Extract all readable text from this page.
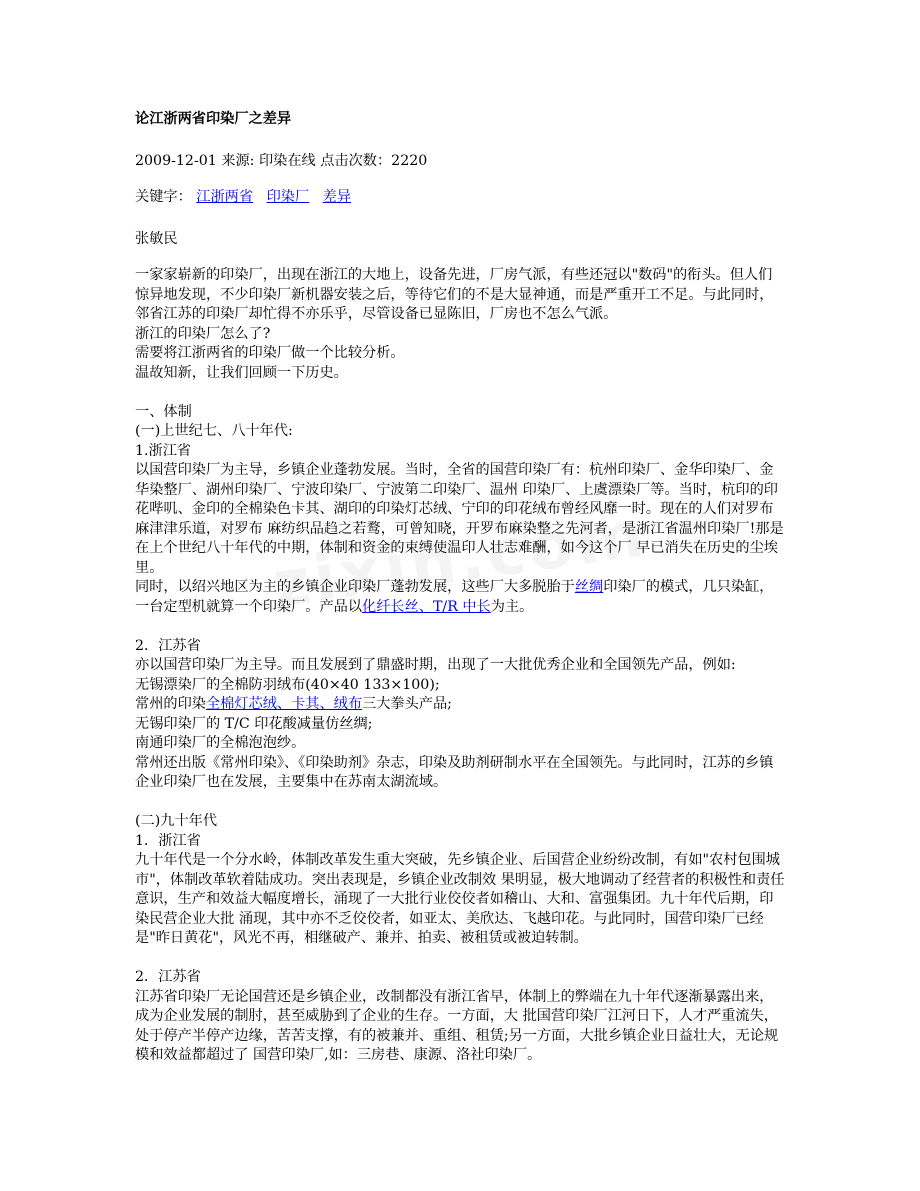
论江浙两省印染厂之差异
2009-12-01 来源: 印染在线 点击次数：2220
关键字： 江浙两省 印染厂 差异
张敏民

一家家崭新的印染厂，出现在浙江的大地上，设备先进，厂房气派，有些还冠以"数码"的衔头。但人们惊异地发现，不少印染厂新机器安装之后，等待它们的不是大显神通，而是严重开工不足。与此同时，邻省江苏的印染厂却忙得不亦乐乎，尽管设备已显陈旧，厂房也不怎么气派。

浙江的印染厂怎么了?

需要将江浙两省的印染厂做一个比较分析。

温故知新，让我们回顾一下历史。

一、体制

(一)上世纪七、八十年代:

1.浙江省

以国营印染厂为主导，乡镇企业蓬勃发展。当时，全省的国营印染厂有：杭州印染厂、金华印染厂、金华染整厂、湖州印染厂、宁波印染厂、宁波第二印染厂、温州 印染厂、上虞漂染厂等。当时，杭印的印花哔叽、金印的全棉染色卡其、湖印的印染灯芯绒、宁印的印花绒布曾经风靡一时。现在的人们对罗布麻津津乐道，对罗布 麻纺织品趋之若鹜，可曾知晓，开罗布麻染整之先河者，是浙江省温州印染厂!那是在上个世纪八十年代的中期，体制和资金的束缚使温印人壮志难酬，如今这个厂 早已消失在历史的尘埃里。

同时，以绍兴地区为主的乡镇企业印染厂蓬勃发展，这些厂大多脱胎于丝绸印染厂的模式，几只染缸，一台定型机就算一个印染厂。产品以化纤长丝、T/R 中长为主。

2．江苏省

亦以国营印染厂为主导。而且发展到了鼎盛时期，出现了一大批优秀企业和全国领先产品，例如:

无锡漂染厂的全棉防羽绒布(40×40 133×100);

常州的印染全棉灯芯绒、卡其、绒布三大拳头产品;

无锡印染厂的 T/C 印花酸减量仿丝绸;

南通印染厂的全棉泡泡纱。

常州还出版《常州印染》、《印染助剂》杂志，印染及助剂研制水平在全国领先。与此同时，江苏的乡镇企业印染厂也在发展，主要集中在苏南太湖流域。

(二)九十年代

1．浙江省

九十年代是一个分水岭，体制改革发生重大突破，先乡镇企业、后国营企业纷纷改制，有如"农村包围城市"，体制改革软着陆成功。突出表现是，乡镇企业改制效 果明显，极大地调动了经营者的积极性和责任意识，生产和效益大幅度增长，涌现了一大批行业佼佼者如稽山、大和、富强集团。九十年代后期，印染民营企业大批 涌现，其中亦不乏佼佼者，如亚太、美欣达、飞越印花。与此同时，国营印染厂已经是"昨日黄花"，风光不再，相继破产、兼并、拍卖、被租赁或被迫转制。

2．江苏省

江苏省印染厂无论国营还是乡镇企业，改制都没有浙江省早，体制上的弊端在九十年代逐渐暴露出来，成为企业发展的制肘，甚至威胁到了企业的生存。一方面，大 批国营印染厂江河日下，人才严重流失，处于停产半停产边缘，苦苦支撑，有的被兼并、重组、租赁;另一方面，大批乡镇企业日益壮大，无论规模和效益都超过了 国营印染厂,如：三房巷、康源、洛社印染厂。
